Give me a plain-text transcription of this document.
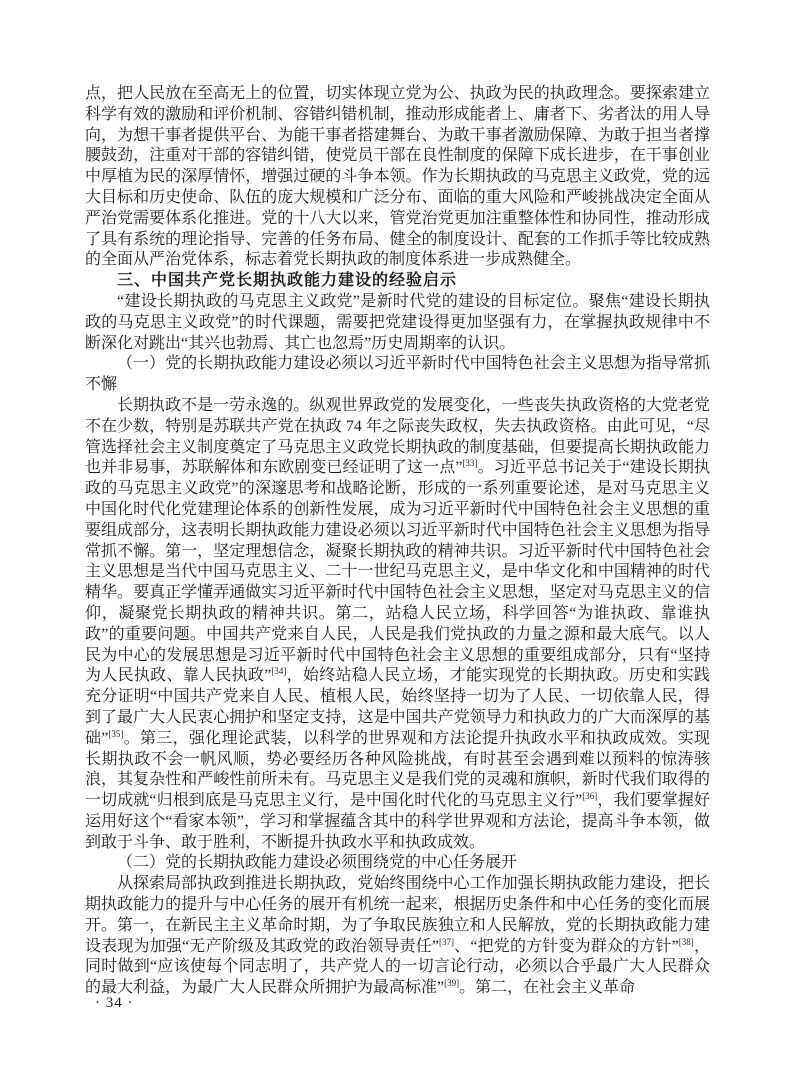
点，把人民放在至高无上的位置，切实体现立党为公、执政为民的执政理念。要探索建立科学有效的激励和评价机制、容错纠错机制，推动形成能者上、庸者下、劣者汰的用人导向，为想干事者提供平台、为能干事者搭建舞台、为敢干事者激励保障、为敢于担当者撑腰鼓劲，注重对干部的容错纠错，使党员干部在良性制度的保障下成长进步，在干事创业中厚植为民的深厚情怀，增强过硬的斗争本领。作为长期执政的马克思主义政党，党的远大目标和历史使命、队伍的庞大规模和广泛分布、面临的重大风险和严峻挑战决定全面从严治党需要体系化推进。党的十八大以来，管党治党更加注重整体性和协同性，推动形成了具有系统的理论指导、完善的任务布局、健全的制度设计、配套的工作抓手等比较成熟的全面从严治党体系，标志着党长期执政的制度体系进一步成熟健全。

三、中国共产党长期执政能力建设的经验启示

“建设长期执政的马克思主义政党”是新时代党的建设的目标定位。聚焦“建设长期执政的马克思主义政党”的时代课题，需要把党建设得更加坚强有力，在掌握执政规律中不断深化对跳出“其兴也勃焉、其亡也忽焉”历史周期率的认识。

（一）党的长期执政能力建设必须以习近平新时代中国特色社会主义思想为指导常抓不懈

长期执政不是一劳永逸的。纵观世界政党的发展变化，一些丧失执政资格的大党老党不在少数，特别是苏联共产党在执政 74 年之际丧失政权，失去执政资格。由此可见，“尽管选择社会主义制度奠定了马克思主义政党长期执政的制度基础，但要提高长期执政能力也并非易事，苏联解体和东欧剧变已经证明了这一点”[33]。习近平总书记关于“建设长期执政的马克思主义政党”的深邃思考和战略论断，形成的一系列重要论述，是对马克思主义中国化时代化党建理论体系的创新性发展，成为习近平新时代中国特色社会主义思想的重要组成部分，这表明长期执政能力建设必须以习近平新时代中国特色社会主义思想为指导常抓不懈。第一，坚定理想信念，凝聚长期执政的精神共识。习近平新时代中国特色社会主义思想是当代中国马克思主义、二十一世纪马克思主义，是中华文化和中国精神的时代精华。要真正学懂弄通做实习近平新时代中国特色社会主义思想，坚定对马克思主义的信仰，凝聚党长期执政的精神共识。第二，站稳人民立场，科学回答“为谁执政、靠谁执政”的重要问题。中国共产党来自人民，人民是我们党执政的力量之源和最大底气。以人民为中心的发展思想是习近平新时代中国特色社会主义思想的重要组成部分，只有“坚持为人民执政、靠人民执政”[34]，始终站稳人民立场，才能实现党的长期执政。历史和实践充分证明“中国共产党来自人民、植根人民，始终坚持一切为了人民、一切依靠人民，得到了最广大人民衷心拥护和坚定支持，这是中国共产党领导力和执政力的广大而深厚的基础”[35]。第三，强化理论武装，以科学的世界观和方法论提升执政水平和执政成效。实现长期执政不会一帆风顺，势必要经历各种风险挑战，有时甚至会遇到难以预料的惊涛骇浪，其复杂性和严峻性前所未有。马克思主义是我们党的灵魂和旗帜，新时代我们取得的一切成就“归根到底是马克思主义行，是中国化时代化的马克思主义行”[36]，我们要掌握好运用好这个“看家本领”，学习和掌握蕴含其中的科学世界观和方法论，提高斗争本领，做到敢于斗争、敢于胜利，不断提升执政水平和执政成效。

（二）党的长期执政能力建设必须围绕党的中心任务展开

从探索局部执政到推进长期执政，党始终围绕中心工作加强长期执政能力建设，把长期执政能力的提升与中心任务的展开有机统一起来，根据历史条件和中心任务的变化而展开。第一，在新民主主义革命时期，为了争取民族独立和人民解放，党的长期执政能力建设表现为加强“无产阶级及其政党的政治领导责任”[37]、“把党的方针变为群众的方针”[38]，同时做到“应该使每个同志明了，共产党人的一切言论行动，必须以合乎最广大人民群众的最大利益，为最广大人民群众所拥护为最高标准”[39]。第二，在社会主义革命

· 34 ·
